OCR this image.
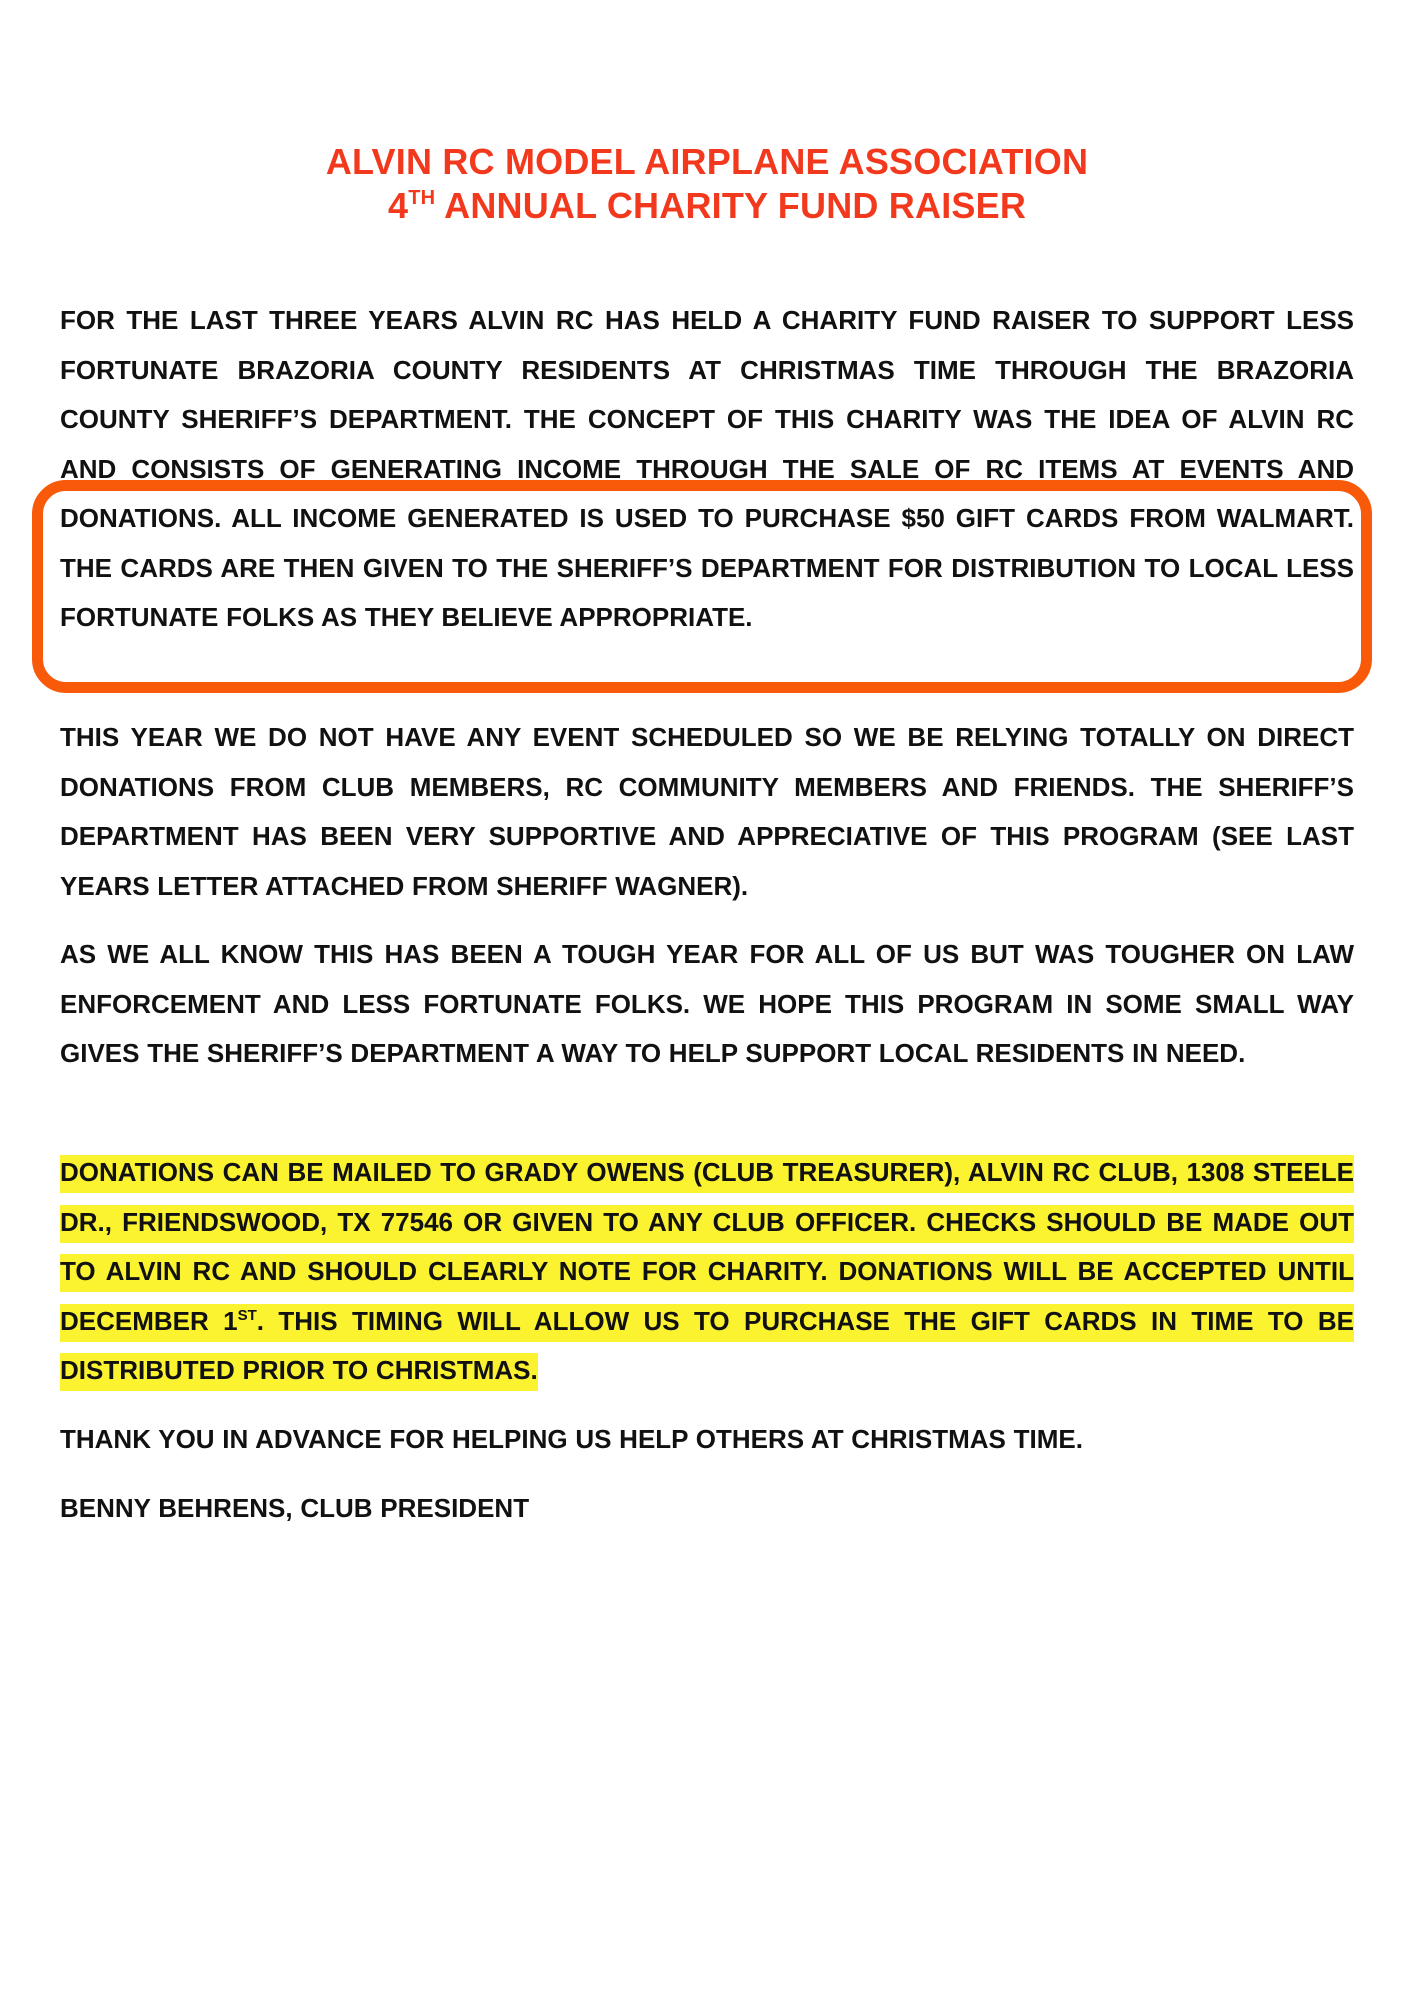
ALVIN RC MODEL AIRPLANE ASSOCIATION
4TH ANNUAL CHARITY FUND RAISER
FOR THE LAST THREE YEARS ALVIN RC HAS HELD A CHARITY FUND RAISER TO SUPPORT LESS FORTUNATE BRAZORIA COUNTY RESIDENTS AT CHRISTMAS TIME THROUGH THE BRAZORIA COUNTY SHERIFF’S DEPARTMENT. THE CONCEPT OF THIS CHARITY WAS THE IDEA OF ALVIN RC AND CONSISTS OF GENERATING INCOME THROUGH THE SALE OF RC ITEMS AT EVENTS AND DONATIONS. ALL INCOME GENERATED IS USED TO PURCHASE $50 GIFT CARDS FROM WALMART. THE CARDS ARE THEN GIVEN TO THE SHERIFF’S DEPARTMENT FOR DISTRIBUTION TO LOCAL LESS FORTUNATE FOLKS AS THEY BELIEVE APPROPRIATE.
THIS YEAR WE DO NOT HAVE ANY EVENT SCHEDULED SO WE BE RELYING TOTALLY ON DIRECT DONATIONS FROM CLUB MEMBERS, RC COMMUNITY MEMBERS AND FRIENDS. THE SHERIFF’S DEPARTMENT HAS BEEN VERY SUPPORTIVE AND APPRECIATIVE OF THIS PROGRAM (SEE LAST YEARS LETTER ATTACHED FROM SHERIFF WAGNER).
AS WE ALL KNOW THIS HAS BEEN A TOUGH YEAR FOR ALL OF US BUT WAS TOUGHER ON LAW ENFORCEMENT AND LESS FORTUNATE FOLKS. WE HOPE THIS PROGRAM IN SOME SMALL WAY GIVES THE SHERIFF’S DEPARTMENT A WAY TO HELP SUPPORT LOCAL RESIDENTS IN NEED.
DONATIONS CAN BE MAILED TO GRADY OWENS (CLUB TREASURER), ALVIN RC CLUB, 1308 STEELE DR., FRIENDSWOOD, TX 77546 OR GIVEN TO ANY CLUB OFFICER. CHECKS SHOULD BE MADE OUT TO ALVIN RC AND SHOULD CLEARLY NOTE FOR CHARITY. DONATIONS WILL BE ACCEPTED UNTIL DECEMBER 1ST. THIS TIMING WILL ALLOW US TO PURCHASE THE GIFT CARDS IN TIME TO BE DISTRIBUTED PRIOR TO CHRISTMAS.
THANK YOU IN ADVANCE FOR HELPING US HELP OTHERS AT CHRISTMAS TIME.
BENNY BEHRENS, CLUB PRESIDENT
